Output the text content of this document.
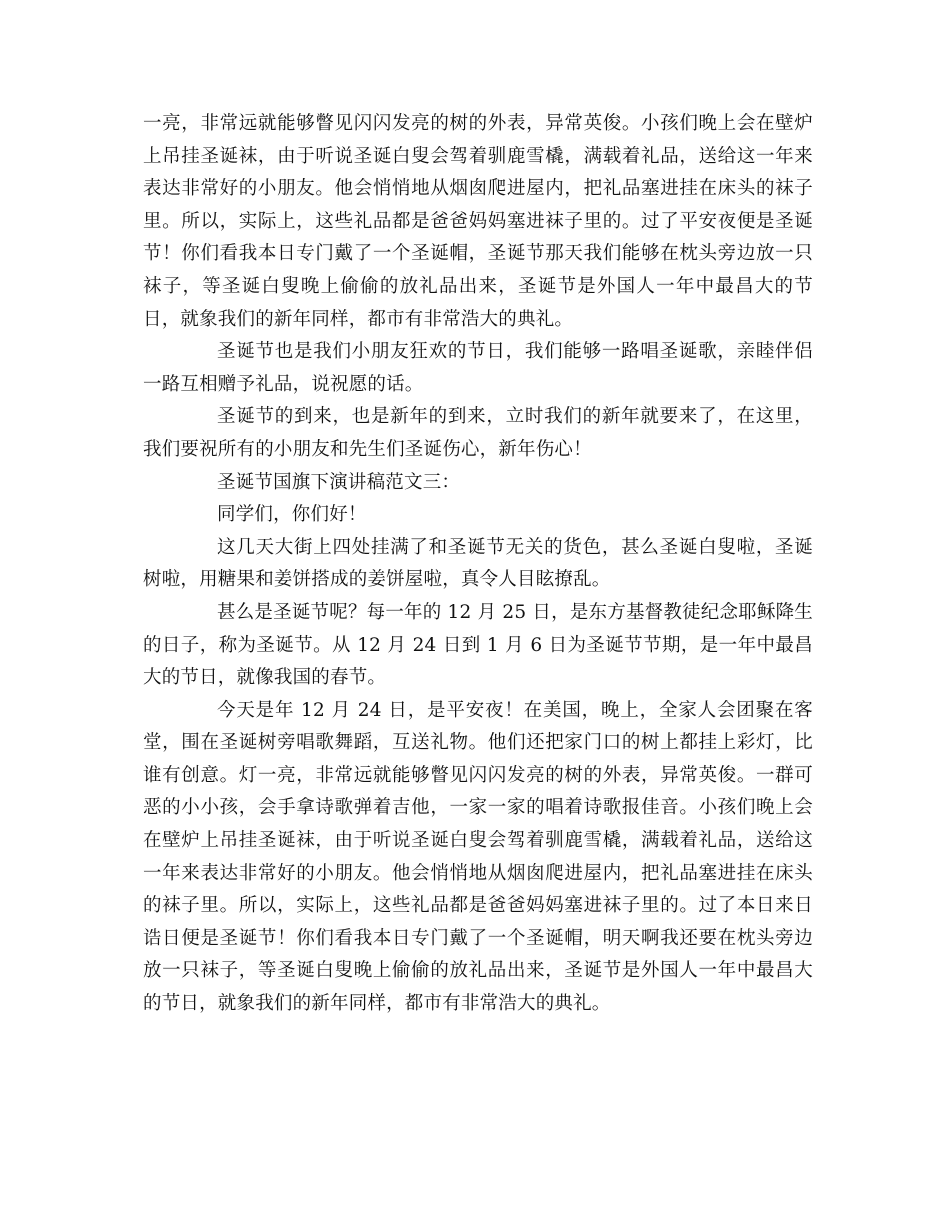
一亮，非常远就能够瞥见闪闪发亮的树的外表，异常英俊。小孩们晚上会在壁炉上吊挂圣诞袜，由于听说圣诞白叟会驾着驯鹿雪橇，满载着礼品，送给这一年来表达非常好的小朋友。他会悄悄地从烟囱爬进屋内，把礼品塞进挂在床头的袜子里。所以，实际上，这些礼品都是爸爸妈妈塞进袜子里的。过了平安夜便是圣诞节！你们看我本日专门戴了一个圣诞帽，圣诞节那天我们能够在枕头旁边放一只袜子，等圣诞白叟晚上偷偷的放礼品出来，圣诞节是外国人一年中最昌大的节日，就象我们的新年同样，都市有非常浩大的典礼。

圣诞节也是我们小朋友狂欢的节日，我们能够一路唱圣诞歌，亲睦伴侣一路互相赠予礼品，说祝愿的话。

圣诞节的到来，也是新年的到来，立时我们的新年就要来了，在这里，我们要祝所有的小朋友和先生们圣诞伤心，新年伤心！

圣诞节国旗下演讲稿范文三：

同学们，你们好！

这几天大街上四处挂满了和圣诞节无关的货色，甚么圣诞白叟啦，圣诞树啦，用糖果和姜饼搭成的姜饼屋啦，真令人目眩撩乱。

甚么是圣诞节呢？每一年的 12 月 25 日，是东方基督教徒纪念耶稣降生的日子，称为圣诞节。从 12 月 24 日到 1 月 6 日为圣诞节节期，是一年中最昌大的节日，就像我国的春节。

今天是年 12 月 24 日，是平安夜！在美国，晚上，全家人会团聚在客堂，围在圣诞树旁唱歌舞蹈，互送礼物。他们还把家门口的树上都挂上彩灯，比谁有创意。灯一亮，非常远就能够瞥见闪闪发亮的树的外表，异常英俊。一群可恶的小小孩，会手拿诗歌弹着吉他，一家一家的唱着诗歌报佳音。小孩们晚上会在壁炉上吊挂圣诞袜，由于听说圣诞白叟会驾着驯鹿雪橇，满载着礼品，送给这一年来表达非常好的小朋友。他会悄悄地从烟囱爬进屋内，把礼品塞进挂在床头的袜子里。所以，实际上，这些礼品都是爸爸妈妈塞进袜子里的。过了本日来日诰日便是圣诞节！你们看我本日专门戴了一个圣诞帽，明天啊我还要在枕头旁边放一只袜子，等圣诞白叟晚上偷偷的放礼品出来，圣诞节是外国人一年中最昌大的节日，就象我们的新年同样，都市有非常浩大的典礼。
